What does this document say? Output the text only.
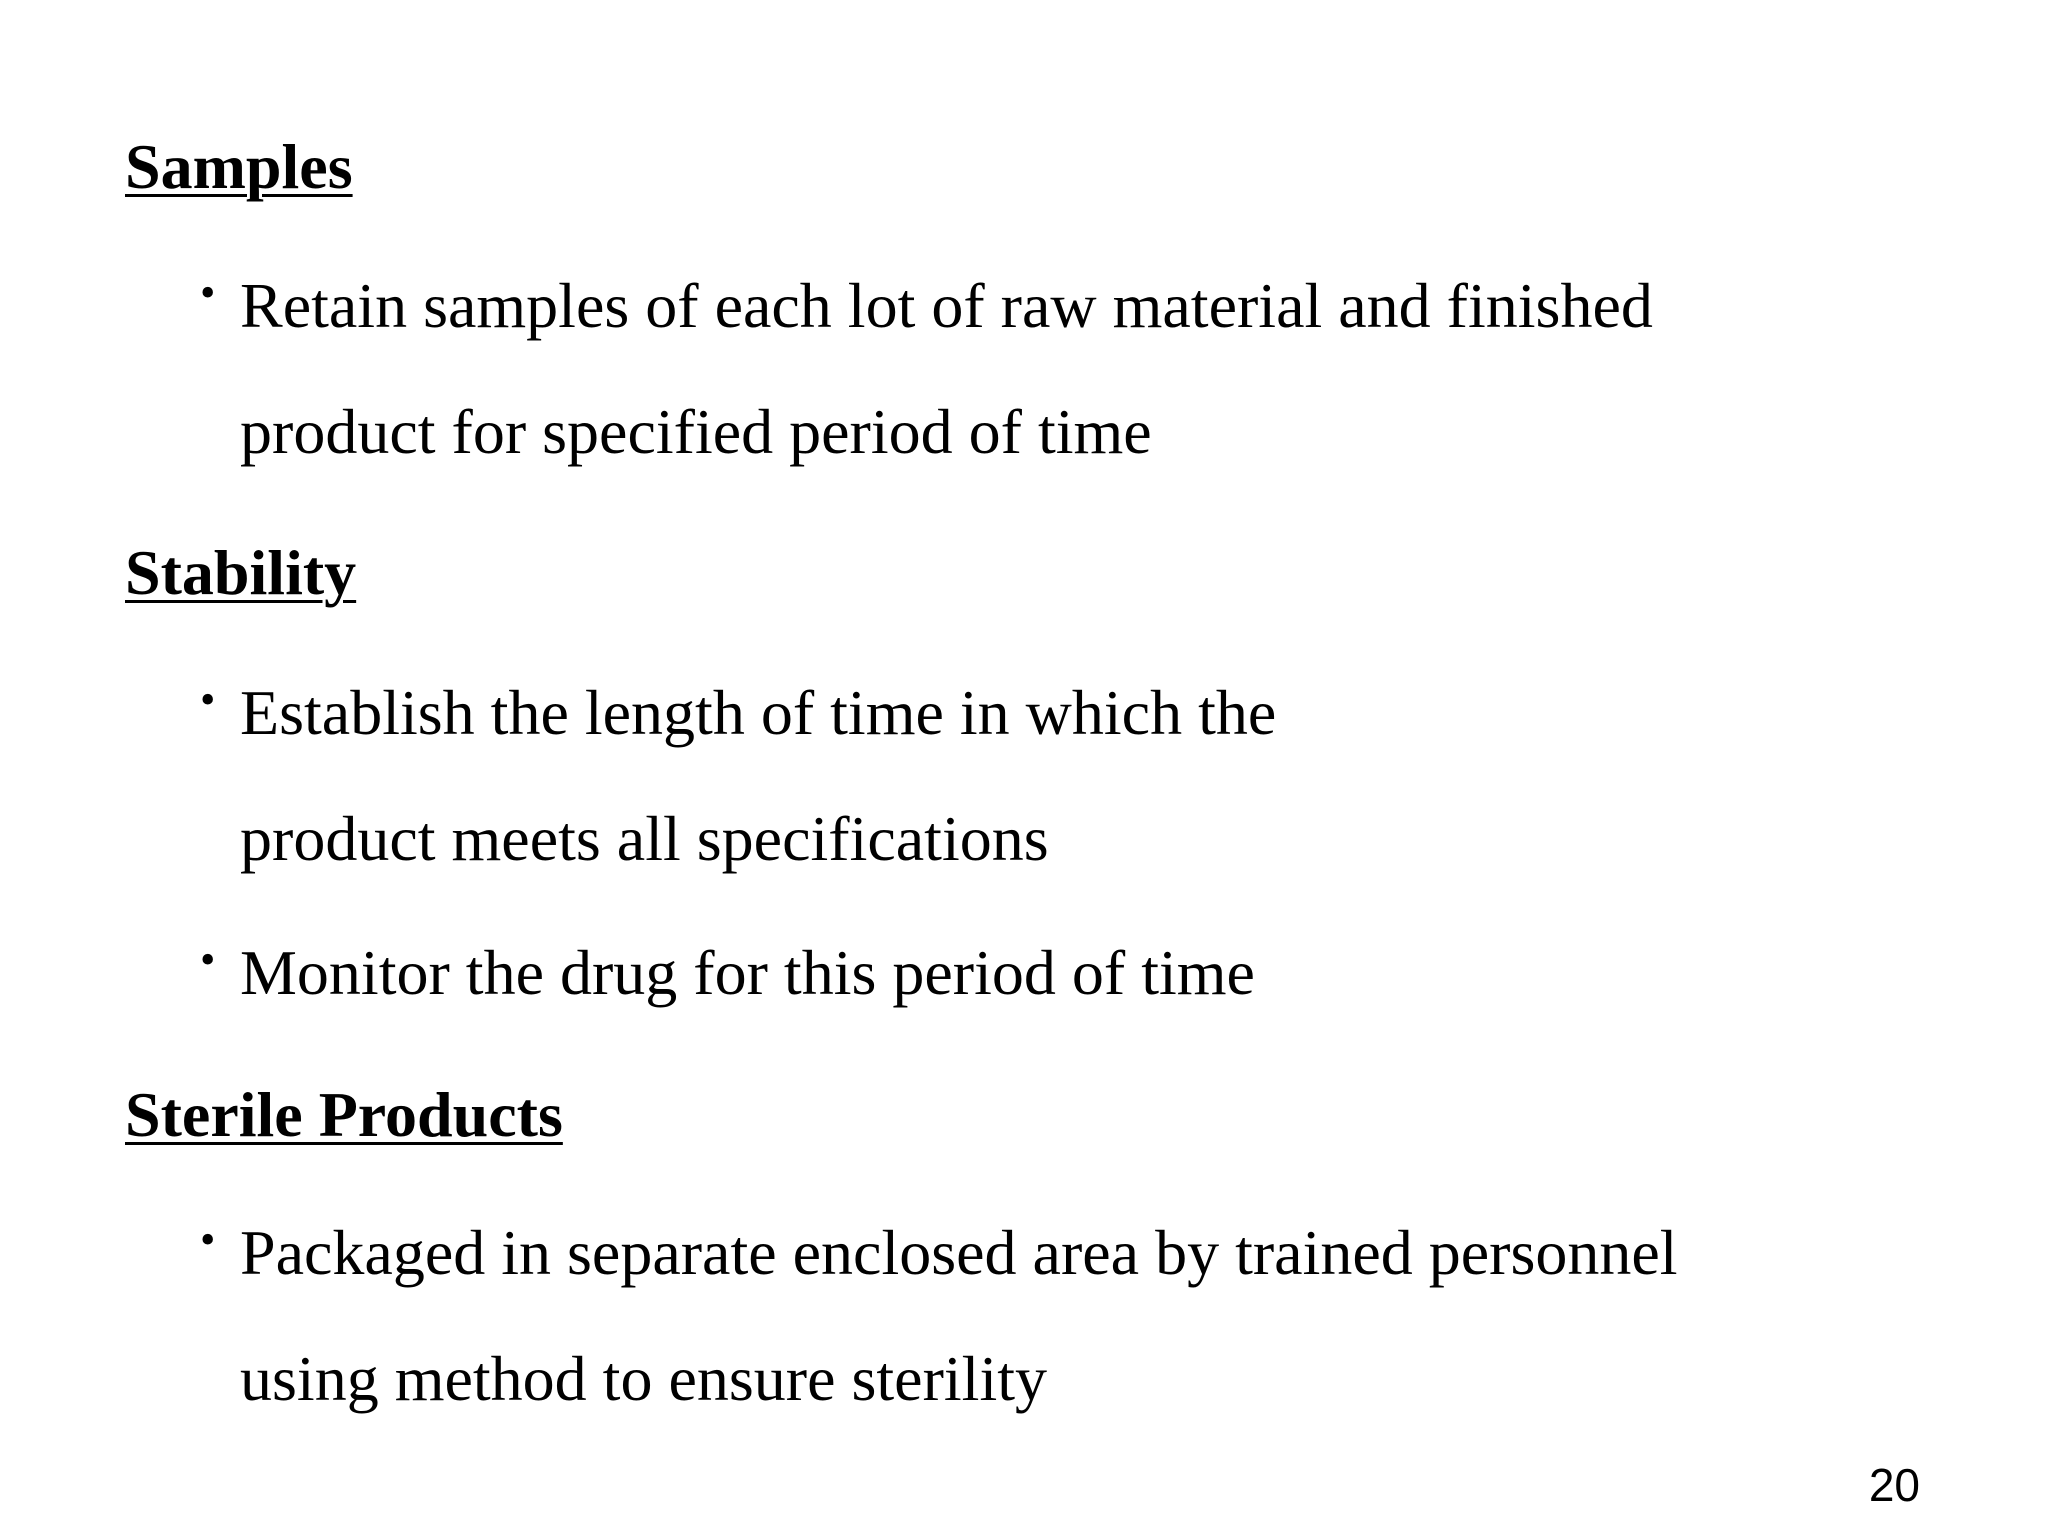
Samples
• Retain samples of each lot of raw material and finished
product for specified period of time
Stability
• Establish the length of time in which the
product meets all specifications
• Monitor the drug for this period of time
Sterile Products
• Packaged in separate enclosed area by trained personnel
using method to ensure sterility
20
